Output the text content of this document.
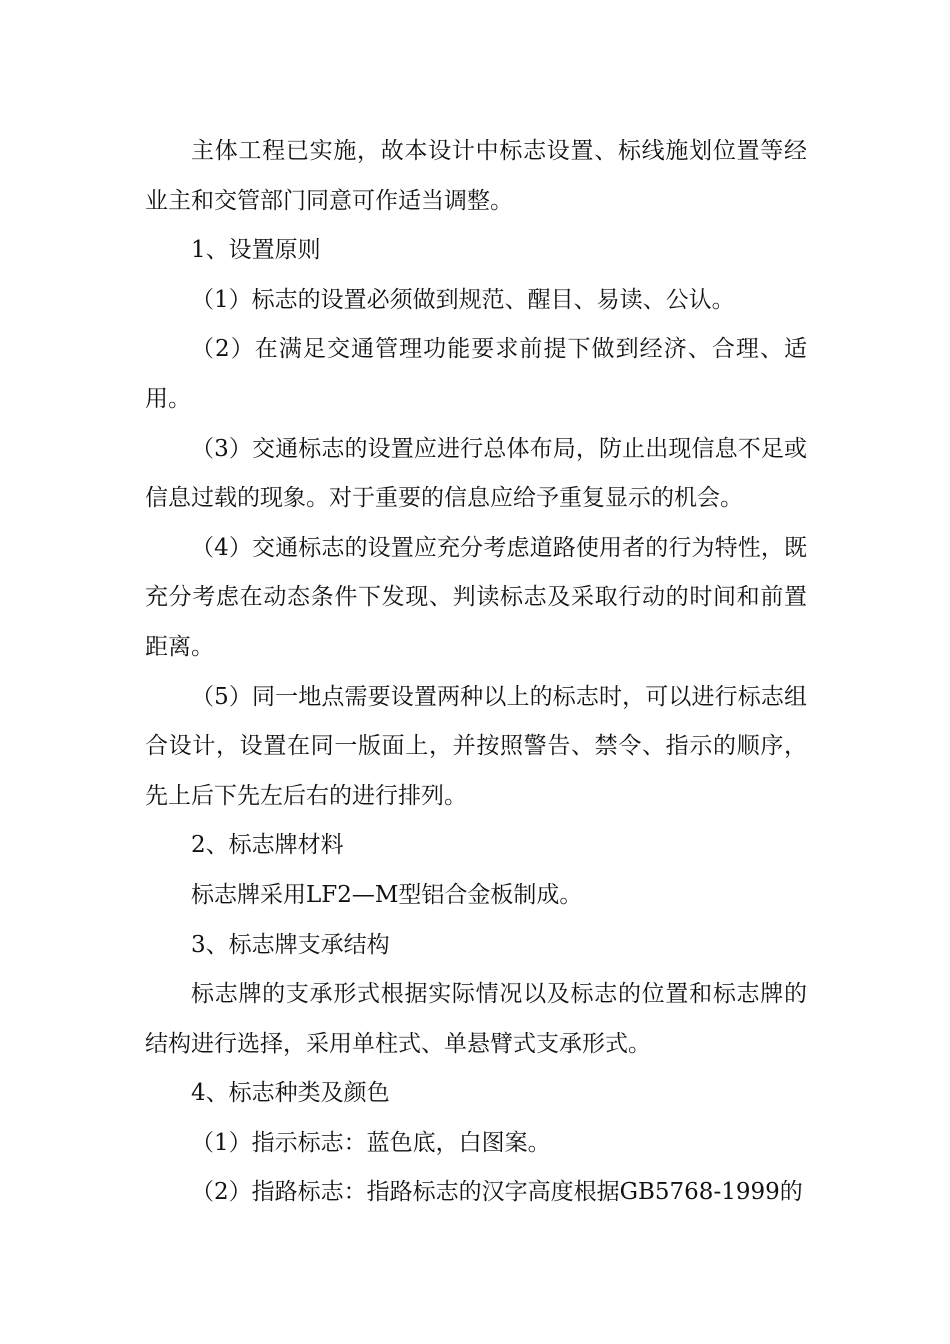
主体工程已实施，故本设计中标志设置、标线施划位置等经业主和交管部门同意可作适当调整。

1、设置原则

（1）标志的设置必须做到规范、醒目、易读、公认。

（2）在满足交通管理功能要求前提下做到经济、合理、适用。

（3）交通标志的设置应进行总体布局，防止出现信息不足或信息过载的现象。对于重要的信息应给予重复显示的机会。

（4）交通标志的设置应充分考虑道路使用者的行为特性，既充分考虑在动态条件下发现、判读标志及采取行动的时间和前置距离。

（5）同一地点需要设置两种以上的标志时，可以进行标志组合设计，设置在同一版面上，并按照警告、禁令、指示的顺序，先上后下先左后右的进行排列。

2、标志牌材料

标志牌采用LF2—M型铝合金板制成。

3、标志牌支承结构

标志牌的支承形式根据实际情况以及标志的位置和标志牌的结构进行选择，采用单柱式、单悬臂式支承形式。

4、标志种类及颜色

（1）指示标志：蓝色底，白图案。

（2）指路标志：指路标志的汉字高度根据GB5768-1999的
